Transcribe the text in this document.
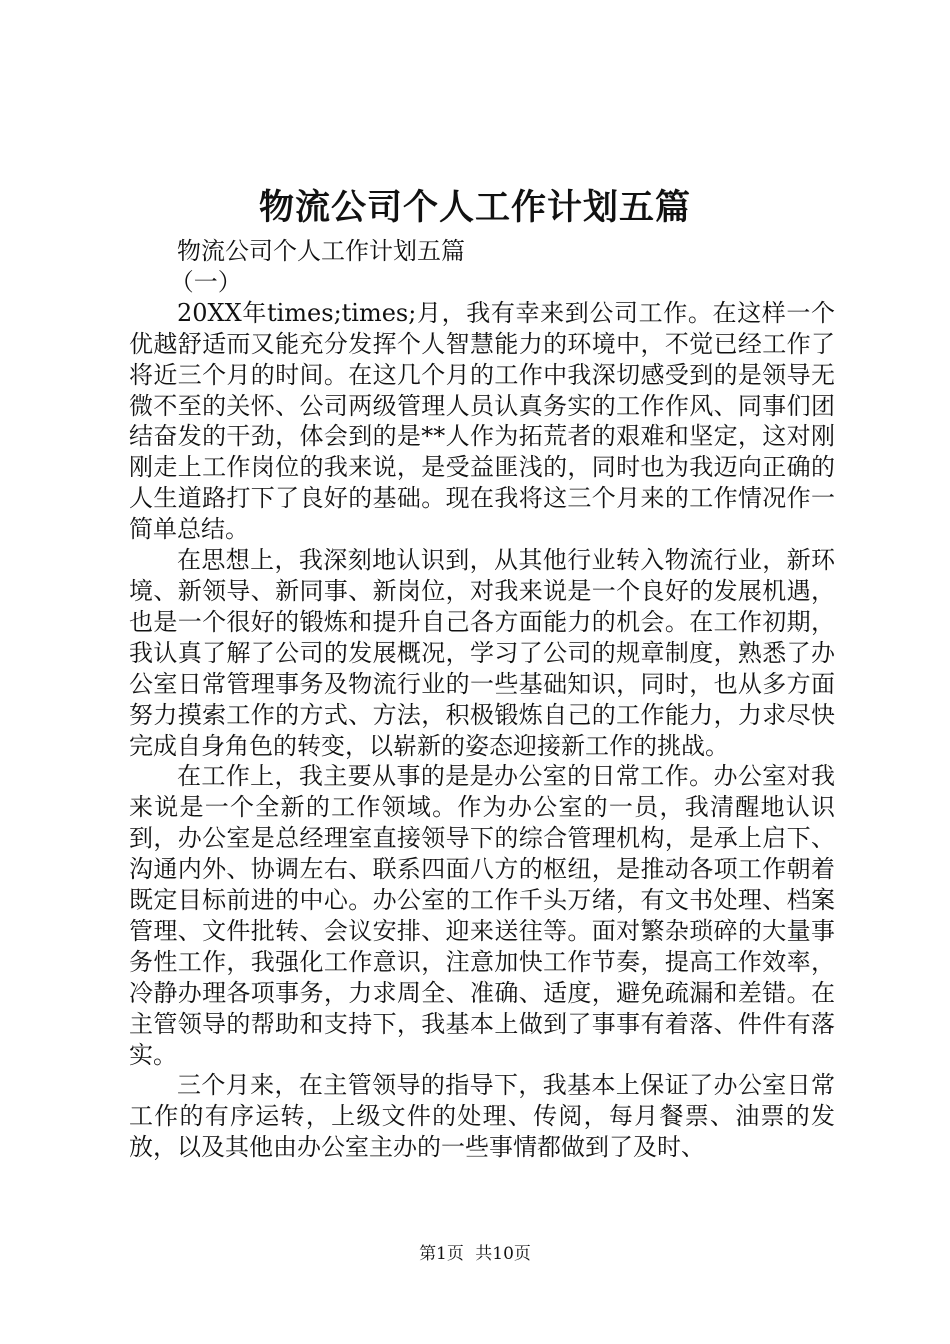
物流公司个人工作计划五篇

物流公司个人工作计划五篇

（一）

20XX年times;times;月，我有幸来到公司工作。在这样一个优越舒适而又能充分发挥个人智慧能力的环境中，不觉已经工作了将近三个月的时间。在这几个月的工作中我深切感受到的是领导无微不至的关怀、公司两级管理人员认真务实的工作作风、同事们团结奋发的干劲，体会到的是**人作为拓荒者的艰难和坚定，这对刚刚走上工作岗位的我来说，是受益匪浅的，同时也为我迈向正确的人生道路打下了良好的基础。现在我将这三个月来的工作情况作一简单总结。

在思想上，我深刻地认识到，从其他行业转入物流行业，新环境、新领导、新同事、新岗位，对我来说是一个良好的发展机遇，也是一个很好的锻炼和提升自己各方面能力的机会。在工作初期，我认真了解了公司的发展概况，学习了公司的规章制度，熟悉了办公室日常管理事务及物流行业的一些基础知识，同时，也从多方面努力摸索工作的方式、方法，积极锻炼自己的工作能力，力求尽快完成自身角色的转变，以崭新的姿态迎接新工作的挑战。

在工作上，我主要从事的是是办公室的日常工作。办公室对我来说是一个全新的工作领域。作为办公室的一员，我清醒地认识到，办公室是总经理室直接领导下的综合管理机构，是承上启下、沟通内外、协调左右、联系四面八方的枢纽，是推动各项工作朝着既定目标前进的中心。办公室的工作千头万绪，有文书处理、档案管理、文件批转、会议安排、迎来送往等。面对繁杂琐碎的大量事务性工作，我强化工作意识，注意加快工作节奏，提高工作效率，冷静办理各项事务，力求周全、准确、适度，避免疏漏和差错。在主管领导的帮助和支持下，我基本上做到了事事有着落、件件有落实。

三个月来，在主管领导的指导下，我基本上保证了办公室日常工作的有序运转，上级文件的处理、传阅，每月餐票、油票的发放，以及其他由办公室主办的一些事情都做到了及时、

第1页 共10页
